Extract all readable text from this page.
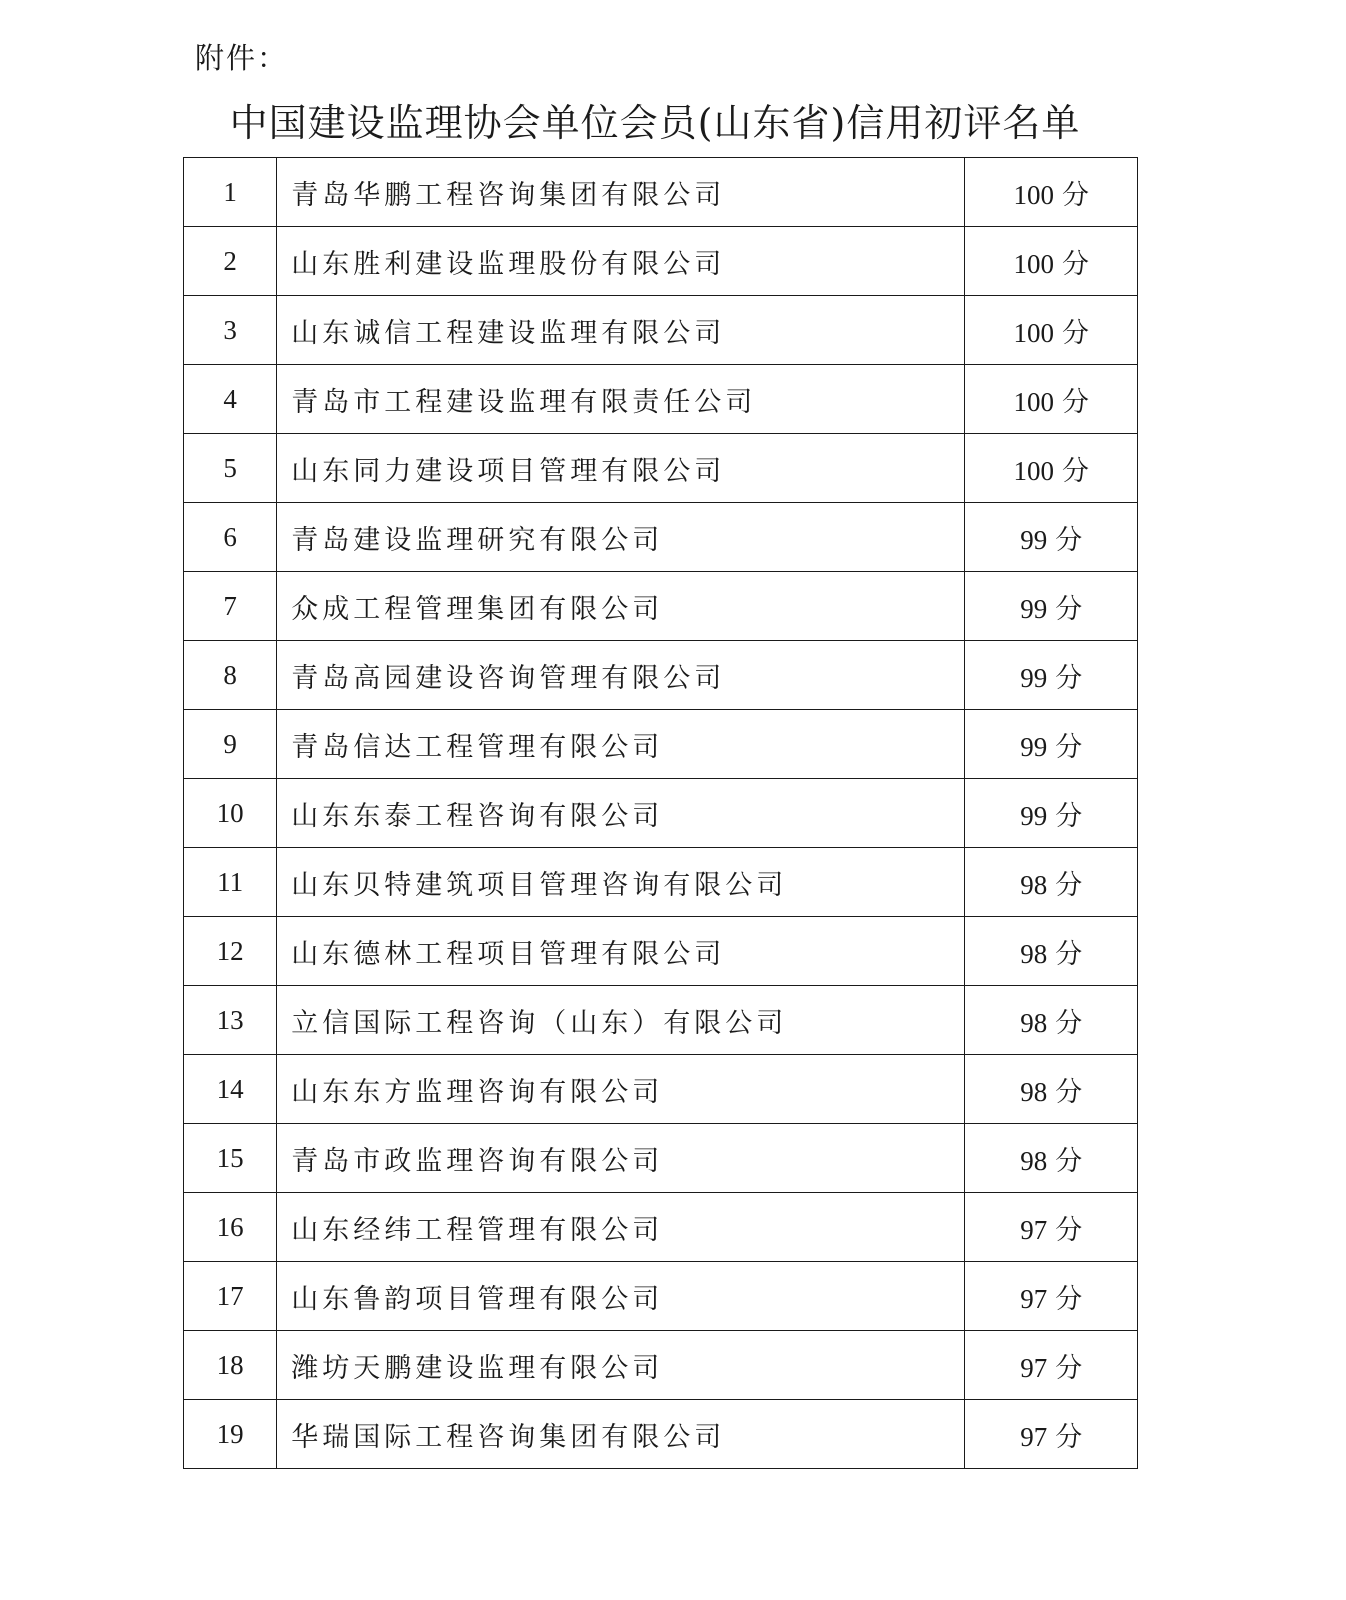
附件：
中国建设监理协会单位会员(山东省)信用初评名单
1	青岛华鹏工程咨询集团有限公司	100 分
2	山东胜利建设监理股份有限公司	100 分
3	山东诚信工程建设监理有限公司	100 分
4	青岛市工程建设监理有限责任公司	100 分
5	山东同力建设项目管理有限公司	100 分
6	青岛建设监理研究有限公司	99 分
7	众成工程管理集团有限公司	99 分
8	青岛高园建设咨询管理有限公司	99 分
9	青岛信达工程管理有限公司	99 分
10	山东东泰工程咨询有限公司	99 分
11	山东贝特建筑项目管理咨询有限公司	98 分
12	山东德林工程项目管理有限公司	98 分
13	立信国际工程咨询（山东）有限公司	98 分
14	山东东方监理咨询有限公司	98 分
15	青岛市政监理咨询有限公司	98 分
16	山东经纬工程管理有限公司	97 分
17	山东鲁韵项目管理有限公司	97 分
18	潍坊天鹏建设监理有限公司	97 分
19	华瑞国际工程咨询集团有限公司	97 分
